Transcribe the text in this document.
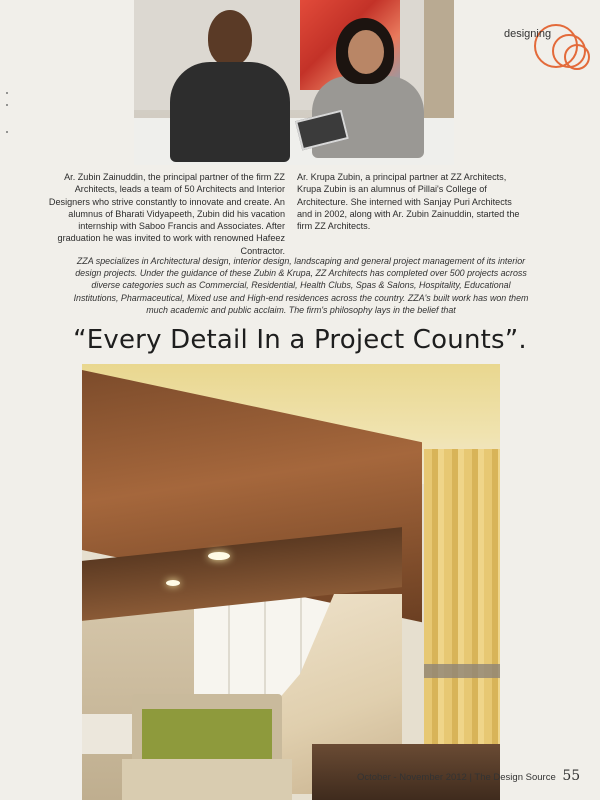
designing

Ar. Zubin Zainuddin, the principal partner of the firm ZZ Architects, leads a team of 50 Architects and Interior Designers who strive constantly to innovate and create. An alumnus of Bharati Vidyapeeth, Zubin did his vacation internship with Saboo Francis and Associates. After graduation he was invited to work with renowned Hafeez Contractor.

Ar. Krupa Zubin, a principal partner at ZZ Architects, Krupa Zubin is an alumnus of Pillai's College of Architecture. She interned with Sanjay Puri Architects and in 2002, along with Ar. Zubin Zainuddin, started the firm ZZ Architects.

ZZA specializes in Architectural design, interior design, landscaping and general project management of its interior design projects. Under the guidance of these Zubin & Krupa, ZZ Architects has completed over 500 projects across diverse categories such as Commercial, Residential, Health Clubs, Spas & Salons, Hospitality, Educational Institutions, Pharmaceutical, Mixed use and High-end residences across the country. ZZA's built work has won them much academic and public acclaim. The firm's philosophy lays in the belief that

“Every Detail In a Project Counts”.
October - November 2012 | The Design Source 55
